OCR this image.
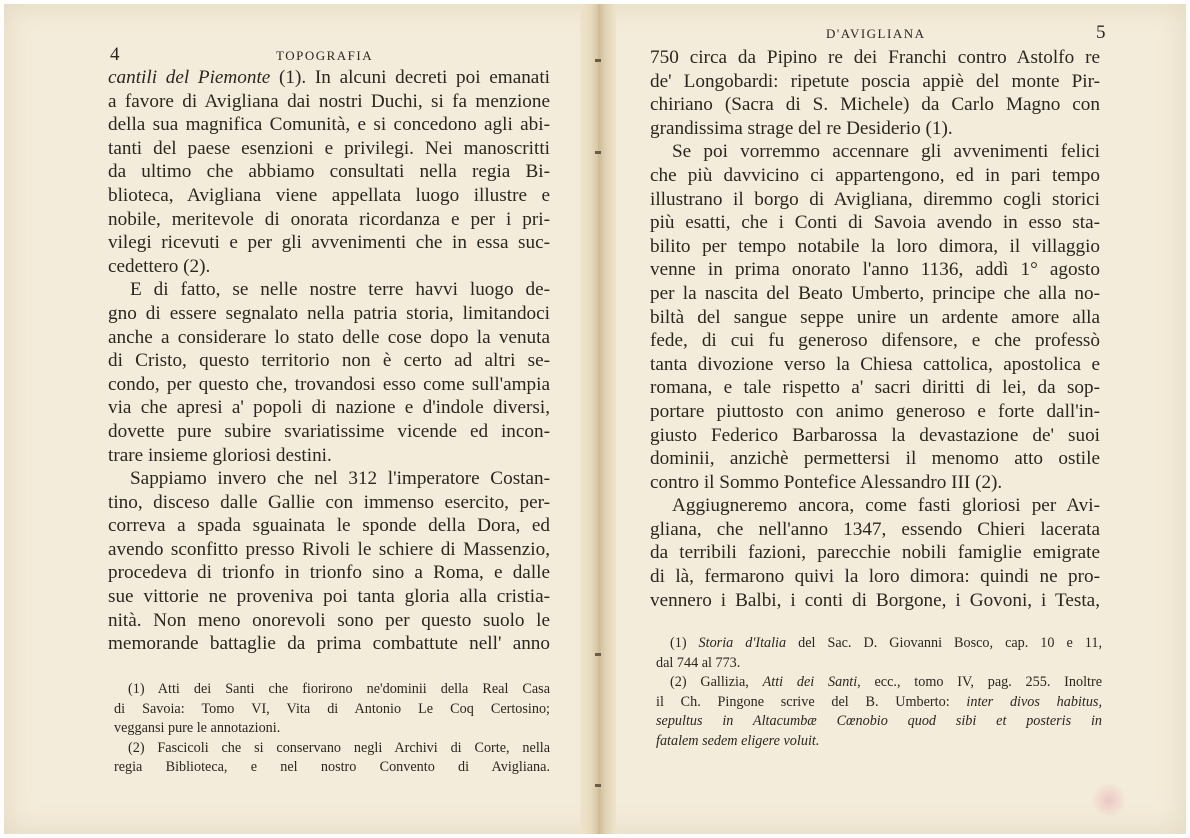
4	TOPOGRAFIA
cantili del Piemonte (1). In alcuni decreti poi emanati
a favore di Avigliana dai nostri Duchi, si fa menzione
della sua magnifica Comunità, e si concedono agli abi-
tanti del paese esenzioni e privilegi. Nei manoscritti
da ultimo che abbiamo consultati nella regia Bi-
blioteca, Avigliana viene appellata luogo illustre e
nobile, meritevole di onorata ricordanza e per i pri-
vilegi ricevuti e per gli avvenimenti che in essa suc-
cedettero (2).
E di fatto, se nelle nostre terre havvi luogo de-
gno di essere segnalato nella patria storia, limitandoci
anche a considerare lo stato delle cose dopo la venuta
di Cristo, questo territorio non è certo ad altri se-
condo, per questo che, trovandosi esso come sull'ampia
via che apresi a' popoli di nazione e d'indole diversi,
dovette pure subire svariatissime vicende ed incon-
trare insieme gloriosi destini.
Sappiamo invero che nel 312 l'imperatore Costan-
tino, disceso dalle Gallie con immenso esercito, per-
correva a spada sguainata le sponde della Dora, ed
avendo sconfitto presso Rivoli le schiere di Massenzio,
procedeva di trionfo in trionfo sino a Roma, e dalle
sue vittorie ne proveniva poi tanta gloria alla cristia-
nità. Non meno onorevoli sono per questo suolo le
memorande battaglie da prima combattute nell' anno
(1) Atti dei Santi che fiorirono ne'dominii della Real Casa
di Savoia: Tomo VI, Vita di Antonio Le Coq Certosino;
veggansi pure le annotazioni.
(2) Fascicoli che si conservano negli Archivi di Corte, nella
regia Biblioteca, e nel nostro Convento di Avigliana.
D'AVIGLIANA	5
750 circa da Pipino re dei Franchi contro Astolfo re
de' Longobardi: ripetute poscia appiè del monte Pir-
chiriano (Sacra di S. Michele) da Carlo Magno con
grandissima strage del re Desiderio (1).
Se poi vorremmo accennare gli avvenimenti felici
che più davvicino ci appartengono, ed in pari tempo
illustrano il borgo di Avigliana, diremmo cogli storici
più esatti, che i Conti di Savoia avendo in esso sta-
bilito per tempo notabile la loro dimora, il villaggio
venne in prima onorato l'anno 1136, addì 1° agosto
per la nascita del Beato Umberto, principe che alla no-
biltà del sangue seppe unire un ardente amore alla
fede, di cui fu generoso difensore, e che professò
tanta divozione verso la Chiesa cattolica, apostolica e
romana, e tale rispetto a' sacri diritti di lei, da sop-
portare piuttosto con animo generoso e forte dall'in-
giusto Federico Barbarossa la devastazione de' suoi
dominii, anzichè permettersi il menomo atto ostile
contro il Sommo Pontefice Alessandro III (2).
Aggiugneremo ancora, come fasti gloriosi per Avi-
gliana, che nell'anno 1347, essendo Chieri lacerata
da terribili fazioni, parecchie nobili famiglie emigrate
di là, fermarono quivi la loro dimora: quindi ne pro-
vennero i Balbi, i conti di Borgone, i Govoni, i Testa,
(1) Storia d'Italia del Sac. D. Giovanni Bosco, cap. 10 e 11,
dal 744 al 773.
(2) Gallizia, Atti dei Santi, ecc., tomo IV, pag. 255. Inoltre
il Ch. Pingone scrive del B. Umberto: inter divos habitus,
sepultus in Altacumbæ Cœnobio quod sibi et posteris in
fatalem sedem eligere voluit.
